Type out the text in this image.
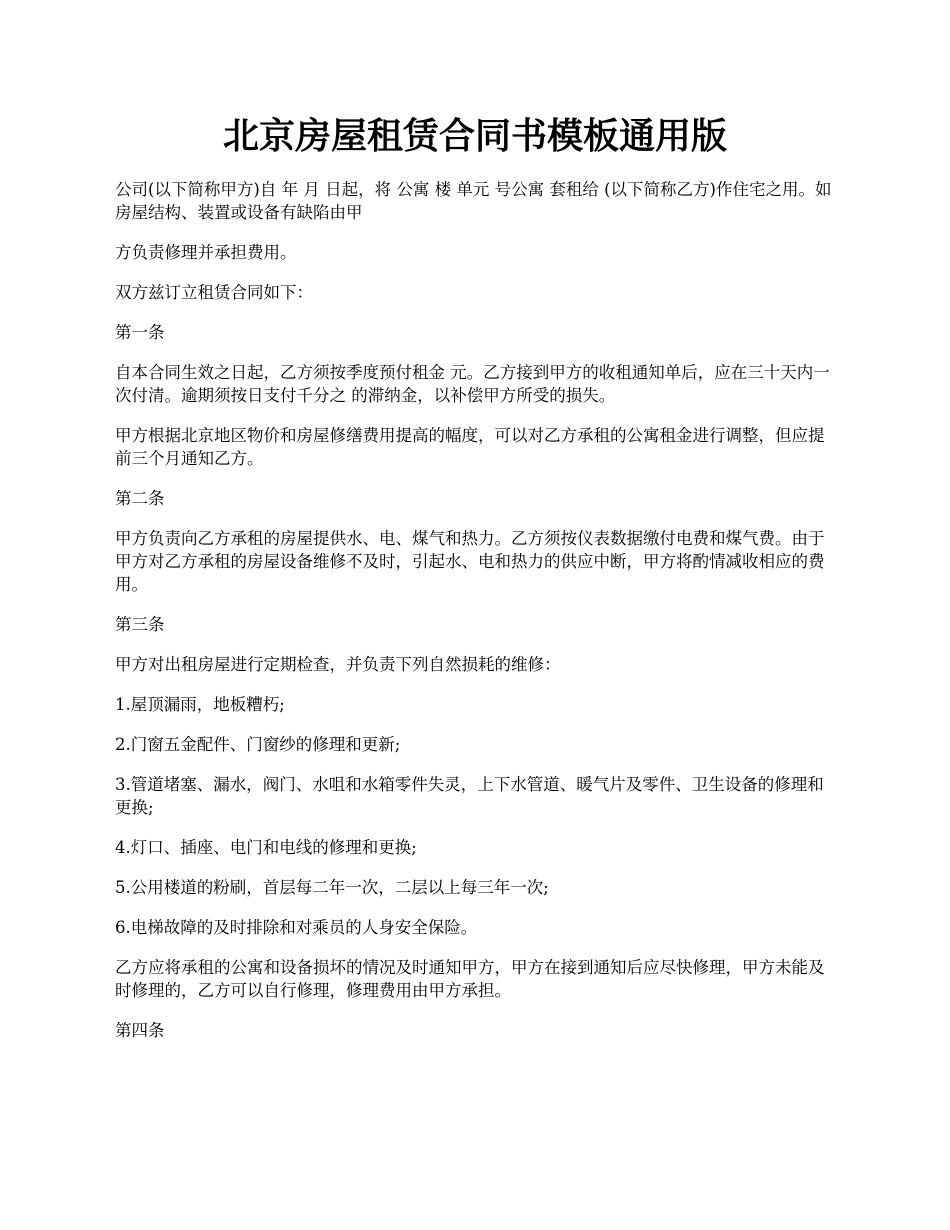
北京房屋租赁合同书模板通用版

公司(以下简称甲方)自 年 月 日起，将 公寓 楼 单元 号公寓 套租给 (以下简称乙方)作住宅之用。如房屋结构、装置或设备有缺陷由甲

方负责修理并承担费用。

双方兹订立租赁合同如下：

第一条

自本合同生效之日起，乙方须按季度预付租金 元。乙方接到甲方的收租通知单后，应在三十天内一次付清。逾期须按日支付千分之 的滞纳金，以补偿甲方所受的损失。

甲方根据北京地区物价和房屋修缮费用提高的幅度，可以对乙方承租的公寓租金进行调整，但应提前三个月通知乙方。

第二条

甲方负责向乙方承租的房屋提供水、电、煤气和热力。乙方须按仪表数据缴付电费和煤气费。由于甲方对乙方承租的房屋设备维修不及时，引起水、电和热力的供应中断，甲方将酌情减收相应的费用。

第三条

甲方对出租房屋进行定期检查，并负责下列自然损耗的维修：

1.屋顶漏雨，地板糟朽;

2.门窗五金配件、门窗纱的修理和更新;

3.管道堵塞、漏水，阀门、水咀和水箱零件失灵，上下水管道、暖气片及零件、卫生设备的修理和更换;

4.灯口、插座、电门和电线的修理和更换;

5.公用楼道的粉刷，首层每二年一次，二层以上每三年一次;

6.电梯故障的及时排除和对乘员的人身安全保险。

乙方应将承租的公寓和设备损坏的情况及时通知甲方，甲方在接到通知后应尽快修理，甲方未能及时修理的，乙方可以自行修理，修理费用由甲方承担。

第四条
